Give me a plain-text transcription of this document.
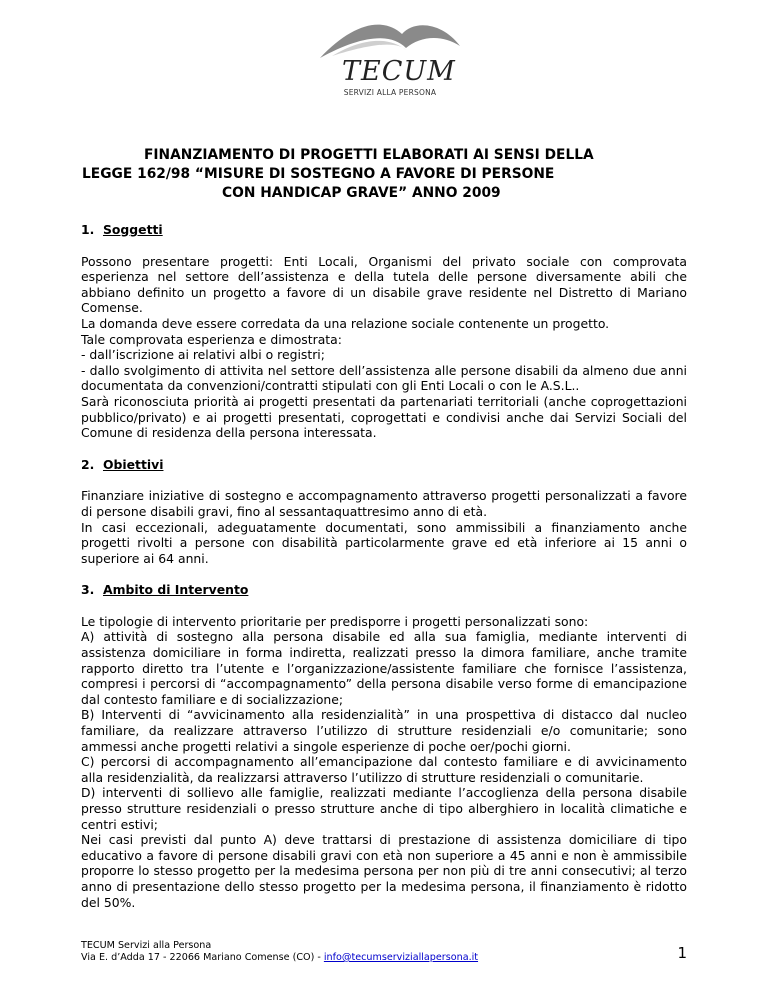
TECUM
SERVIZI ALLA PERSONA
FINANZIAMENTO DI PROGETTI ELABORATI AI SENSI DELLA
LEGGE 162/98 “MISURE DI SOSTEGNO A FAVORE DI PERSONE
CON HANDICAP GRAVE” ANNO 2009
1. Soggetti

Possono presentare progetti: Enti Locali, Organismi del privato sociale con comprovata esperienza nel settore dell’assistenza e della tutela delle persone diversamente abili che abbiano definito un progetto a favore di un disabile grave residente nel Distretto di Mariano Comense.

La domanda deve essere corredata da una relazione sociale contenente un progetto.

Tale comprovata esperienza e dimostrata:

- dall’iscrizione ai relativi albi o registri;

- dallo svolgimento di attivita nel settore dell’assistenza alle persone disabili da almeno due anni documentata da convenzioni/contratti stipulati con gli Enti Locali o con le A.S.L..

Sarà riconosciuta priorità ai progetti presentati da partenariati territoriali (anche coprogettazioni pubblico/privato) e ai progetti presentati, coprogettati e condivisi anche dai Servizi Sociali del Comune di residenza della persona interessata.

2. Obiettivi

Finanziare iniziative di sostegno e accompagnamento attraverso progetti personalizzati a favore di persone disabili gravi, fino al sessantaquattresimo anno di età.

In casi eccezionali, adeguatamente documentati, sono ammissibili a finanziamento anche progetti rivolti a persone con disabilità particolarmente grave ed età inferiore ai 15 anni o superiore ai 64 anni.

3. Ambito di Intervento

Le tipologie di intervento prioritarie per predisporre i progetti personalizzati sono:

A) attività di sostegno alla persona disabile ed alla sua famiglia, mediante interventi di assistenza domiciliare in forma indiretta, realizzati presso la dimora familiare, anche tramite rapporto diretto tra l’utente e l’organizzazione/assistente familiare che fornisce l’assistenza, compresi i percorsi di “accompagnamento” della persona disabile verso forme di emancipazione dal contesto familiare e di socializzazione;

B) Interventi di “avvicinamento alla residenzialità” in una prospettiva di distacco dal nucleo familiare, da realizzare attraverso l’utilizzo di strutture residenziali e/o comunitarie; sono ammessi anche progetti relativi a singole esperienze di poche oer/pochi giorni.

C) percorsi di accompagnamento all’emancipazione dal contesto familiare e di avvicinamento alla residenzialità, da realizzarsi attraverso l’utilizzo di strutture residenziali o comunitarie.

D) interventi di sollievo alle famiglie, realizzati mediante l’accoglienza della persona disabile presso strutture residenziali o presso strutture anche di tipo alberghiero in località climatiche e centri estivi;

Nei casi previsti dal punto A) deve trattarsi di prestazione di assistenza domiciliare di tipo educativo a favore di persone disabili gravi con età non superiore a 45 anni e non è ammissibile proporre lo stesso progetto per la medesima persona per non più di tre anni consecutivi; al terzo anno di presentazione dello stesso progetto per la medesima persona, il finanziamento è ridotto del 50%.

TECUM Servizi alla Persona
Via E. d’Adda 17 - 22066 Mariano Comense (CO) - info@tecumserviziallapersona.it	1
